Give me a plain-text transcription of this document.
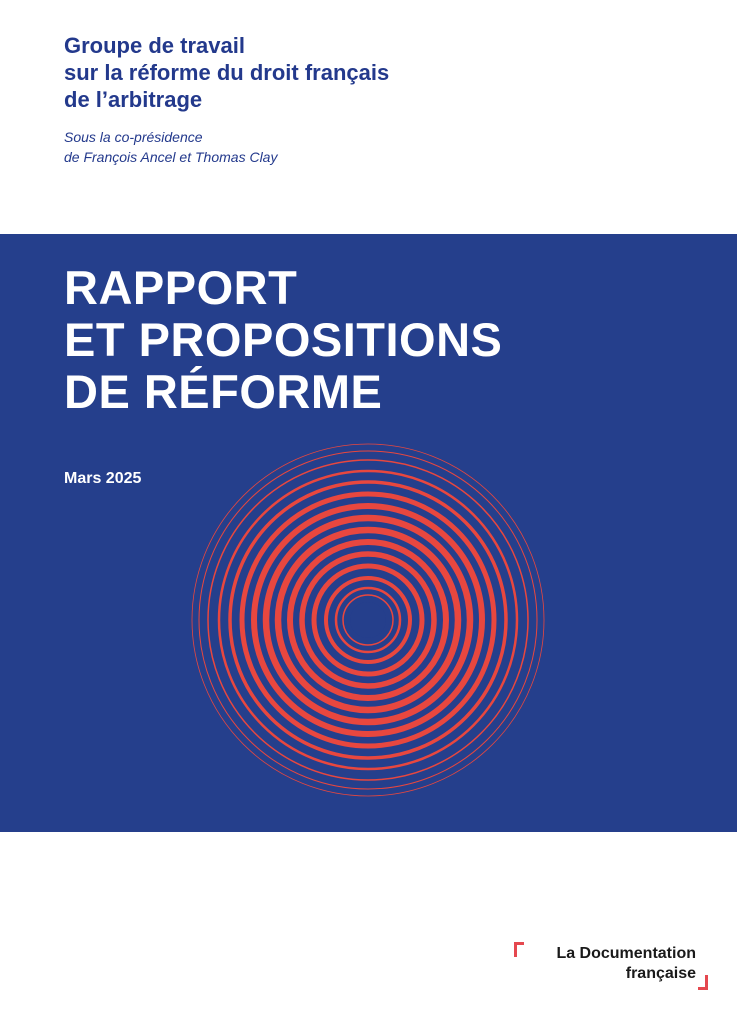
Groupe de travail
sur la réforme du droit français
de l’arbitrage
Sous la co-présidence
de François Ancel et Thomas Clay
RAPPORT
ET PROPOSITIONS
DE RÉFORME
Mars 2025
La Documentation
française
